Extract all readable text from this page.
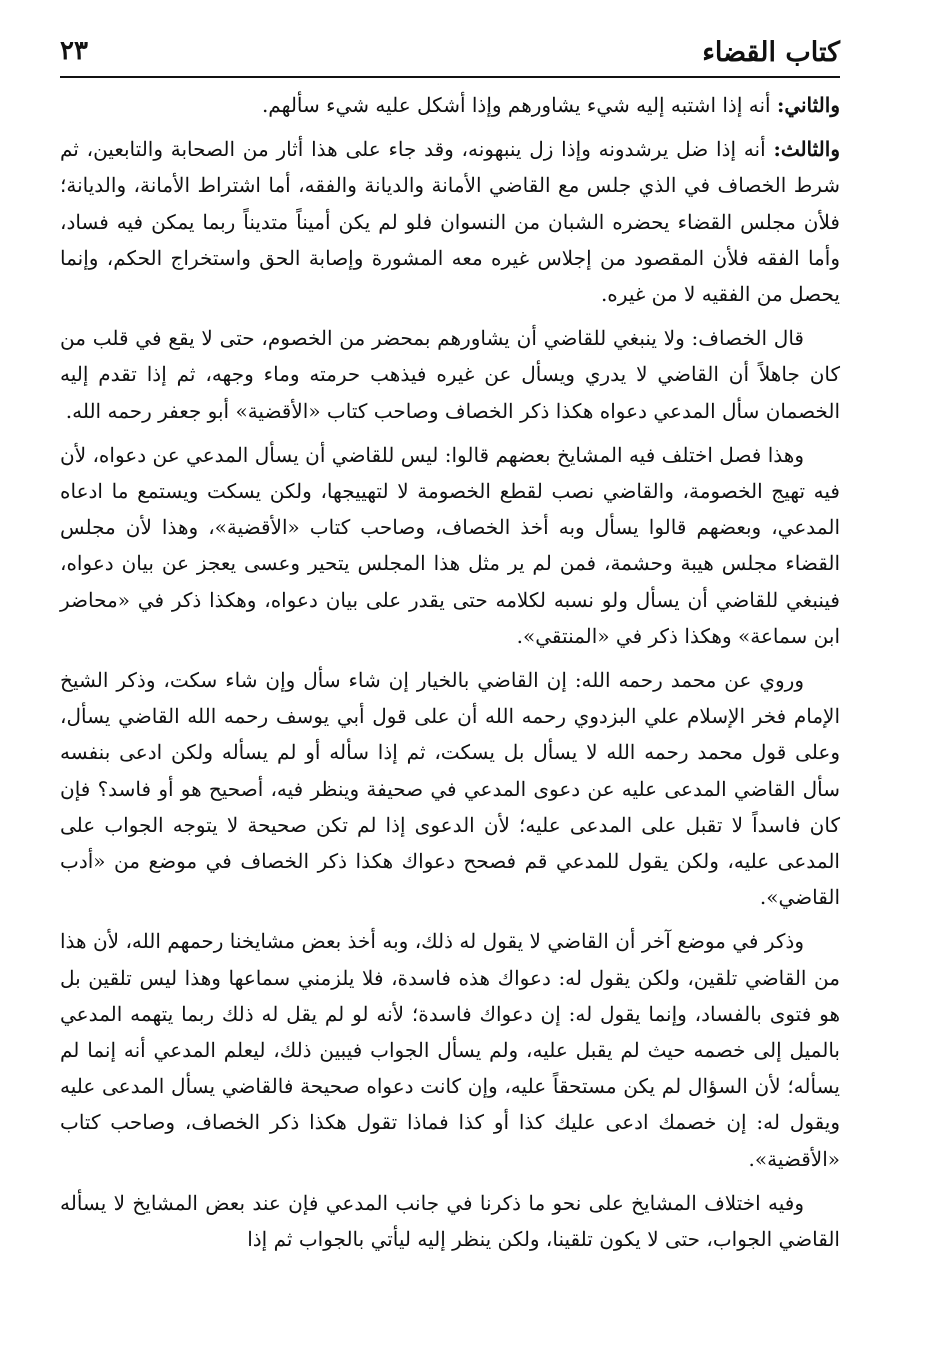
كتاب القضاء
٢٣

والثاني: أنه إذا اشتبه إليه شيء يشاورهم وإذا أشكل عليه شيء سألهم.

والثالث: أنه إذا ضل يرشدونه وإذا زل ينبهونه، وقد جاء على هذا أثار من الصحابة والتابعين، ثم شرط الخصاف في الذي جلس مع القاضي الأمانة والديانة والفقه، أما اشتراط الأمانة، والديانة؛ فلأن مجلس القضاء يحضره الشبان من النسوان فلو لم يكن أميناً متديناً ربما يمكن فيه فساد، وأما الفقه فلأن المقصود من إجلاس غيره معه المشورة وإصابة الحق واستخراج الحكم، وإنما يحصل من الفقيه لا من غيره.

قال الخصاف: ولا ينبغي للقاضي أن يشاورهم بمحضر من الخصوم، حتى لا يقع في قلب من كان جاهلاً أن القاضي لا يدري ويسأل عن غيره فيذهب حرمته وماء وجهه، ثم إذا تقدم إليه الخصمان سأل المدعي دعواه هكذا ذكر الخصاف وصاحب كتاب «الأقضية» أبو جعفر رحمه الله.

وهذا فصل اختلف فيه المشايخ بعضهم قالوا: ليس للقاضي أن يسأل المدعي عن دعواه، لأن فيه تهيج الخصومة، والقاضي نصب لقطع الخصومة لا لتهييجها، ولكن يسكت ويستمع ما ادعاه المدعي، وبعضهم قالوا يسأل وبه أخذ الخصاف، وصاحب كتاب «الأقضية»، وهذا لأن مجلس القضاء مجلس هيبة وحشمة، فمن لم ير مثل هذا المجلس يتحير وعسى يعجز عن بيان دعواه، فينبغي للقاضي أن يسأل ولو نسبه لكلامه حتى يقدر على بيان دعواه، وهكذا ذكر في «محاضر ابن سماعة» وهكذا ذكر في «المنتقي».

وروي عن محمد رحمه الله: إن القاضي بالخيار إن شاء سأل وإن شاء سكت، وذكر الشيخ الإمام فخر الإسلام علي البزدوي رحمه الله أن على قول أبي يوسف رحمه الله القاضي يسأل، وعلى قول محمد رحمه الله لا يسأل بل يسكت، ثم إذا سأله أو لم يسأله ولكن ادعى بنفسه سأل القاضي المدعى عليه عن دعوى المدعي في صحيفة وينظر فيه، أصحيح هو أو فاسد؟ فإن كان فاسداً لا تقبل على المدعى عليه؛ لأن الدعوى إذا لم تكن صحيحة لا يتوجه الجواب على المدعى عليه، ولكن يقول للمدعي قم فصحح دعواك هكذا ذكر الخصاف في موضع من «أدب القاضي».

وذكر في موضع آخر أن القاضي لا يقول له ذلك، وبه أخذ بعض مشايخنا رحمهم الله، لأن هذا من القاضي تلقين، ولكن يقول له: دعواك هذه فاسدة، فلا يلزمني سماعها وهذا ليس تلقين بل هو فتوى بالفساد، وإنما يقول له: إن دعواك فاسدة؛ لأنه لو لم يقل له ذلك ربما يتهمه المدعي بالميل إلى خصمه حيث لم يقبل عليه، ولم يسأل الجواب فيبين ذلك، ليعلم المدعي أنه إنما لم يسأله؛ لأن السؤال لم يكن مستحقاً عليه، وإن كانت دعواه صحيحة فالقاضي يسأل المدعى عليه ويقول له: إن خصمك ادعى عليك كذا أو كذا فماذا تقول هكذا ذكر الخصاف، وصاحب كتاب «الأقضية».

وفيه اختلاف المشايخ على نحو ما ذكرنا في جانب المدعي فإن عند بعض المشايخ لا يسأله القاضي الجواب، حتى لا يكون تلقينا، ولكن ينظر إليه ليأتي بالجواب ثم إذا
